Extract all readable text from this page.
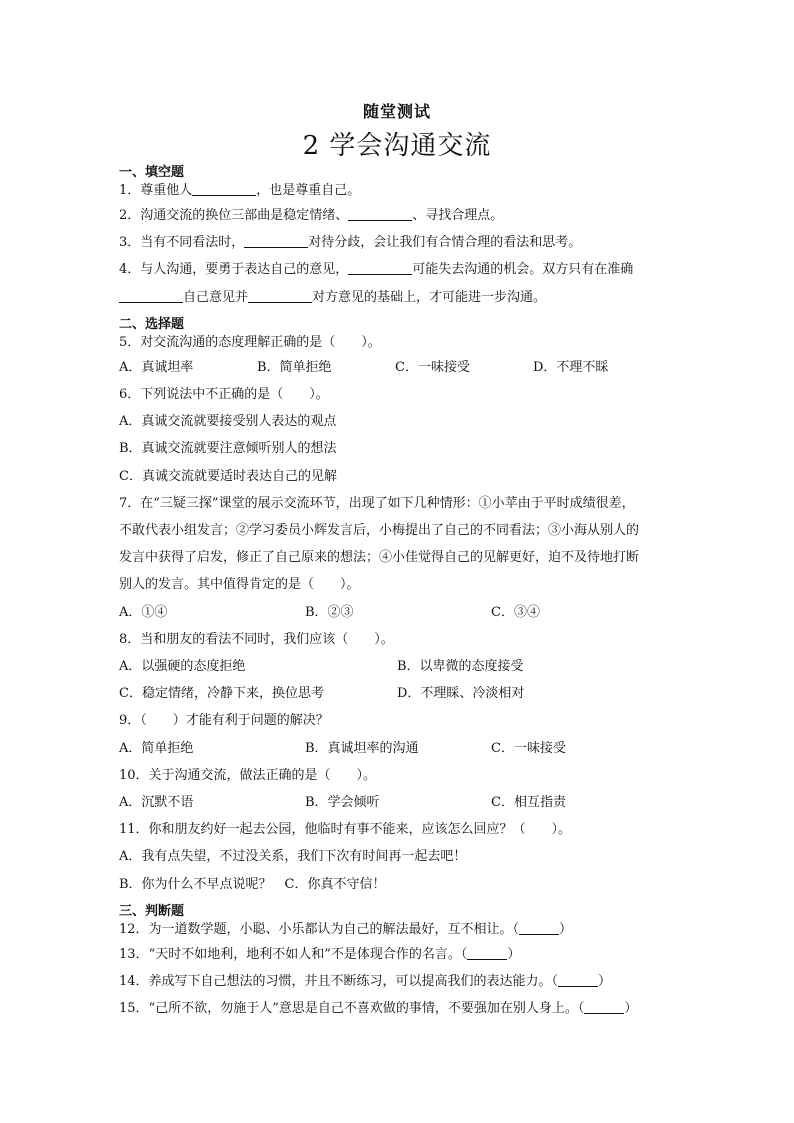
随堂测试
2 学会沟通交流
一、填空题
1．尊重他人	，也是尊重自己。
2．沟通交流的换位三部曲是稳定情绪、	、寻找合理点。
3．当有不同看法时，	对待分歧，会让我们有合情合理的看法和思考。
4．与人沟通，要勇于表达自己的意见，	可能失去沟通的机会。双方只有在准确
自己意见并	对方意见的基础上，才可能进一步沟通。
二、选择题
5．对交流沟通的态度理解正确的是（　　）。
A．真诚坦率	B．简单拒绝	C．一味接受	D．不理不睬
6．下列说法中不正确的是（　　）。
A．真诚交流就要接受别人表达的观点
B．真诚交流就要注意倾听别人的想法
C．真诚交流就要适时表达自己的见解
7．在“三疑三探”课堂的展示交流环节，出现了如下几种情形：①小苹由于平时成绩很差，
不敢代表小组发言；②学习委员小辉发言后，小梅提出了自己的不同看法；③小海从别人的
发言中获得了启发，修正了自己原来的想法；④小佳觉得自己的见解更好，迫不及待地打断
别人的发言。其中值得肯定的是（　　）。
A．①④	B．②③	C．③④
8．当和朋友的看法不同时，我们应该（　　）。
A．以强硬的态度拒绝	B．以卑微的态度接受
C．稳定情绪，冷静下来，换位思考	D．不理睬、冷淡相对
9．（　　）才能有利于问题的解决？
A．简单拒绝	B．真诚坦率的沟通	C．一味接受
10．关于沟通交流，做法正确的是（　　）。
A．沉默不语	B．学会倾听	C．相互指责
11．你和朋友约好一起去公园，他临时有事不能来，应该怎么回应？（　　）。
A．我有点失望，不过没关系，我们下次有时间再一起去吧！
B．你为什么不早点说呢？　C．你真不守信！
三、判断题
12．为一道数学题，小聪、小乐都认为自己的解法最好，互不相让。（	）
13．“天时不如地利，地利不如人和”不是体现合作的名言。（	）
14．养成写下自己想法的习惯，并且不断练习，可以提高我们的表达能力。（	）
15．“己所不欲，勿施于人”意思是自己不喜欢做的事情，不要强加在别人身上。（	）
